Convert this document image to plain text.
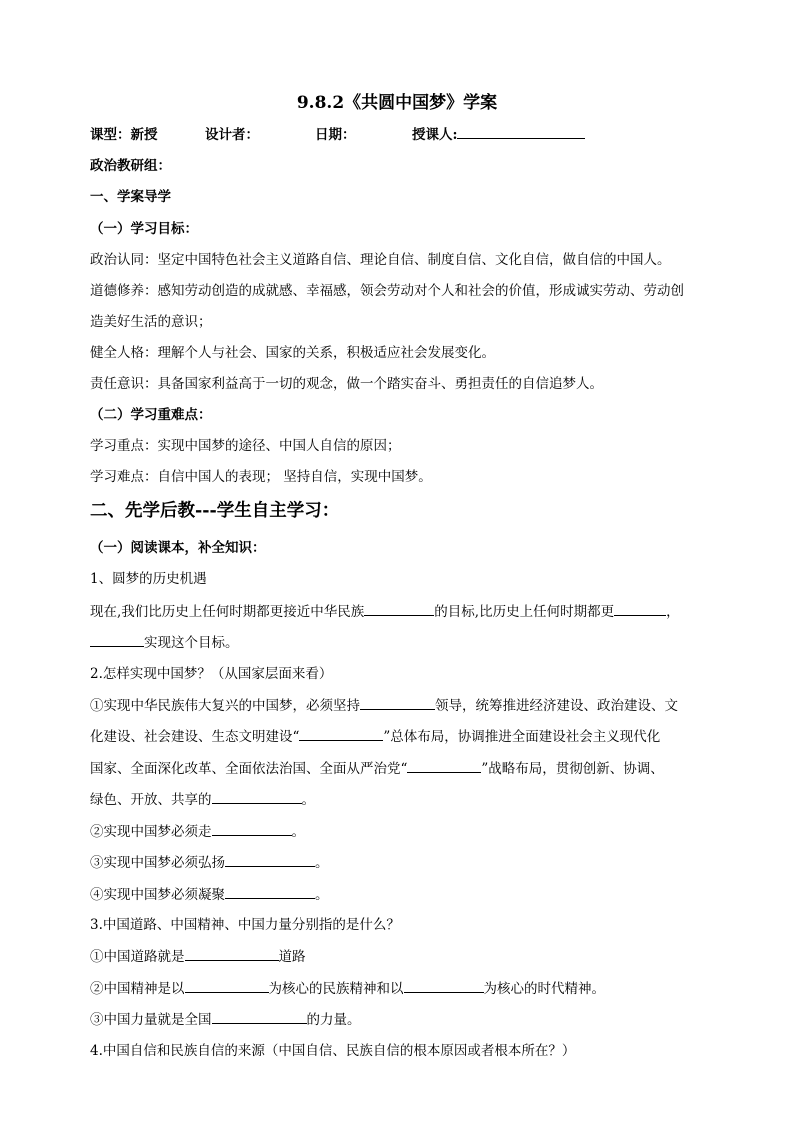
9.8.2《共圆中国梦》学案
课型：新授	设计者：	日期：	授课人:
政治教研组：
一、学案导学
（一）学习目标：
政治认同：坚定中国特色社会主义道路自信、理论自信、制度自信、文化自信，做自信的中国人。
道德修养：感知劳动创造的成就感、幸福感，领会劳动对个人和社会的价值，形成诚实劳动、劳动创
造美好生活的意识；
健全人格：理解个人与社会、国家的关系，积极适应社会发展变化。
责任意识：具备国家利益高于一切的观念，做一个踏实奋斗、勇担责任的自信追梦人。
（二）学习重难点：
学习重点：实现中国梦的途径、中国人自信的原因；
学习难点：自信中国人的表现； 坚持自信，实现中国梦。
二、先学后教---学生自主学习：
（一）阅读课本，补全知识：
1、圆梦的历史机遇
现在,我们比历史上任何时期都更接近中华民族	的目标,比历史上任何时期都更	，
实现这个目标。
2.怎样实现中国梦？（从国家层面来看）
①实现中华民族伟大复兴的中国梦，必须坚持	领导，统筹推进经济建设、政治建设、文
化建设、社会建设、生态文明建设“	”总体布局，协调推进全面建设社会主义现代化
国家、全面深化改革、全面依法治国、全面从严治党“	”战略布局，贯彻创新、协调、
绿色、开放、共享的	。
②实现中国梦必须走	。
③实现中国梦必须弘扬	。
④实现中国梦必须凝聚	。
3.中国道路、中国精神、中国力量分别指的是什么？
①中国道路就是	道路
②中国精神是以	为核心的民族精神和以	为核心的时代精神。
③中国力量就是全国	的力量。
4.中国自信和民族自信的来源（中国自信、民族自信的根本原因或者根本所在？）
